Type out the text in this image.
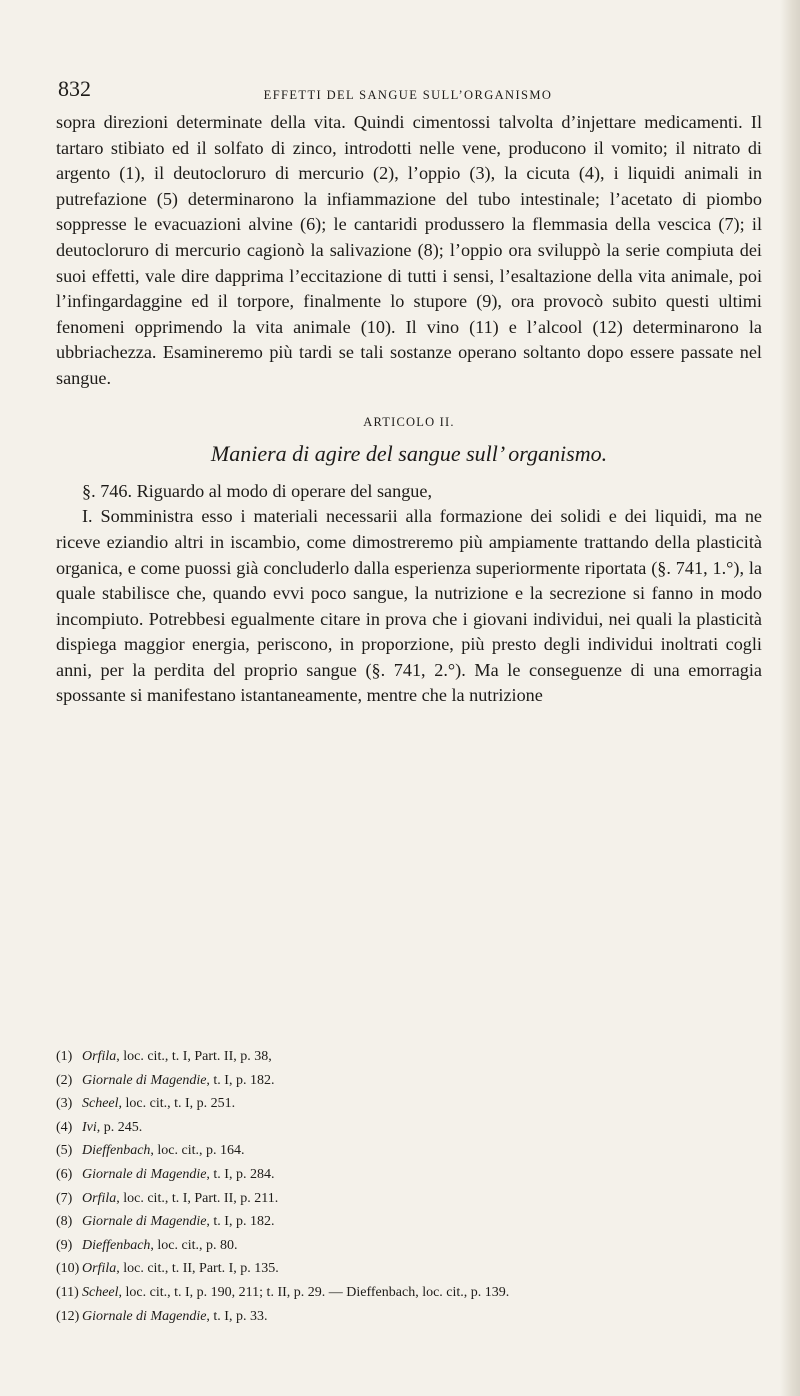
832	EFFETTI DEL SANGUE SULL’ORGANISMO

sopra direzioni determinate della vita. Quindi cimentossi talvolta d’injettare medicamenti. Il tartaro stibiato ed il solfato di zinco, introdotti nelle vene, producono il vomito; il nitrato di argento (1), il deutocloruro di mercurio (2), l’oppio (3), la cicuta (4), i liquidi animali in putrefazione (5) determinarono la infiammazione del tubo intestinale; l’acetato di piombo soppresse le evacuazioni alvine (6); le cantaridi produssero la flemmasia della vescica (7); il deutocloruro di mercurio cagionò la salivazione (8); l’oppio ora sviluppò la serie compiuta dei suoi effetti, vale dire dapprima l’eccitazione di tutti i sensi, l’esaltazione della vita animale, poi l’infingardaggine ed il torpore, finalmente lo stupore (9), ora provocò subito questi ultimi fenomeni opprimendo la vita animale (10). Il vino (11) e l’alcool (12) determinarono la ubbriachezza. Esamineremo più tardi se tali sostanze operano soltanto dopo essere passate nel sangue.

ARTICOLO II.
Maniera di agire del sangue sull’ organismo.

§. 746. Riguardo al modo di operare del sangue,

I. Somministra esso i materiali necessarii alla formazione dei solidi e dei liquidi, ma ne riceve eziandio altri in iscambio, come dimostreremo più ampiamente trattando della plasticità organica, e come puossi già concluderlo dalla esperienza superiormente riportata (§. 741, 1.°), la quale stabilisce che, quando evvi poco sangue, la nutrizione e la secrezione si fanno in modo incompiuto. Potrebbesi egualmente citare in prova che i giovani individui, nei quali la plasticità dispiega maggior energia, periscono, in proporzione, più presto degli individui inoltrati cogli anni, per la perdita del proprio sangue (§. 741, 2.°). Ma le conseguenze di una emorragia spossante si manifestano istantaneamente, mentre che la nutrizione

(1) Orfila, loc. cit., t. I, Part. II, p. 38,
(2) Giornale di Magendie, t. I, p. 182.
(3) Scheel, loc. cit., t. I, p. 251.
(4) Ivi, p. 245.
(5) Dieffenbach, loc. cit., p. 164.
(6) Giornale di Magendie, t. I, p. 284.
(7) Orfila, loc. cit., t. I, Part. II, p. 211.
(8) Giornale di Magendie, t. I, p. 182.
(9) Dieffenbach, loc. cit., p. 80.
(10) Orfila, loc. cit., t. II, Part. I, p. 135.
(11) Scheel, loc. cit., t. I, p. 190, 211; t. II, p. 29. — Dieffenbach, loc. cit., p. 139.
(12) Giornale di Magendie, t. I, p. 33.
